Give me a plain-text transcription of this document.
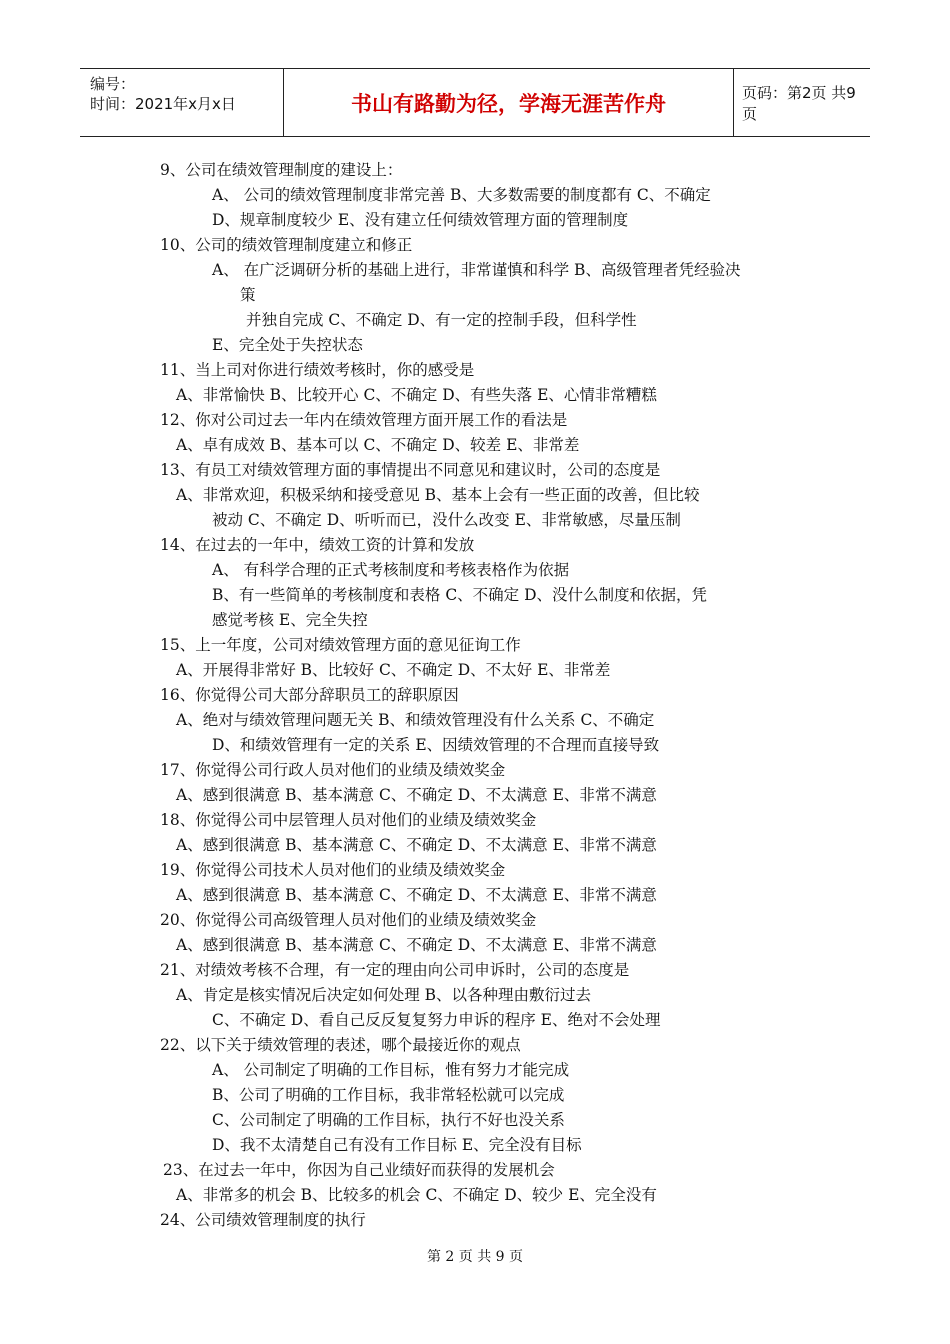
编号：
时间：2021年x月x日	书山有路勤为径，学海无涯苦作舟	页码：第2页 共9页
9、公司在绩效管理制度的建设上：
A、 公司的绩效管理制度非常完善 B、大多数需要的制度都有 C、不确定
D、规章制度较少 E、没有建立任何绩效管理方面的管理制度
10、公司的绩效管理制度建立和修正
A、 在广泛调研分析的基础上进行，非常谨慎和科学 B、高级管理者凭经验决
策
并独自完成 C、不确定 D、有一定的控制手段，但科学性
E、完全处于失控状态
11、当上司对你进行绩效考核时，你的感受是
A、非常愉快 B、比较开心 C、不确定 D、有些失落 E、心情非常糟糕
12、你对公司过去一年内在绩效管理方面开展工作的看法是
A、卓有成效 B、基本可以 C、不确定 D、较差 E、非常差
13、有员工对绩效管理方面的事情提出不同意见和建议时，公司的态度是
A、非常欢迎，积极采纳和接受意见 B、基本上会有一些正面的改善，但比较
被动 C、不确定 D、听听而已，没什么改变 E、非常敏感，尽量压制
14、在过去的一年中，绩效工资的计算和发放
A、 有科学合理的正式考核制度和考核表格作为依据
B、有一些简单的考核制度和表格 C、不确定 D、没什么制度和依据，凭
感觉考核 E、完全失控
15、上一年度，公司对绩效管理方面的意见征询工作
A、开展得非常好 B、比较好 C、不确定 D、不太好 E、非常差
16、你觉得公司大部分辞职员工的辞职原因
A、绝对与绩效管理问题无关 B、和绩效管理没有什么关系 C、不确定
D、和绩效管理有一定的关系 E、因绩效管理的不合理而直接导致
17、你觉得公司行政人员对他们的业绩及绩效奖金
A、感到很满意 B、基本满意 C、不确定 D、不太满意 E、非常不满意
18、你觉得公司中层管理人员对他们的业绩及绩效奖金
A、感到很满意 B、基本满意 C、不确定 D、不太满意 E、非常不满意
19、你觉得公司技术人员对他们的业绩及绩效奖金
A、感到很满意 B、基本满意 C、不确定 D、不太满意 E、非常不满意
20、你觉得公司高级管理人员对他们的业绩及绩效奖金
A、感到很满意 B、基本满意 C、不确定 D、不太满意 E、非常不满意
21、对绩效考核不合理，有一定的理由向公司申诉时，公司的态度是
A、肯定是核实情况后决定如何处理 B、以各种理由敷衍过去
C、不确定 D、看自己反反复复努力申诉的程序 E、绝对不会处理
22、以下关于绩效管理的表述，哪个最接近你的观点
A、 公司制定了明确的工作目标，惟有努力才能完成
B、公司了明确的工作目标，我非常轻松就可以完成
C、公司制定了明确的工作目标，执行不好也没关系
D、我不太清楚自己有没有工作目标 E、完全没有目标
23、在过去一年中，你因为自己业绩好而获得的发展机会
A、非常多的机会 B、比较多的机会 C、不确定 D、较少 E、完全没有
24、公司绩效管理制度的执行
第 2 页 共 9 页
